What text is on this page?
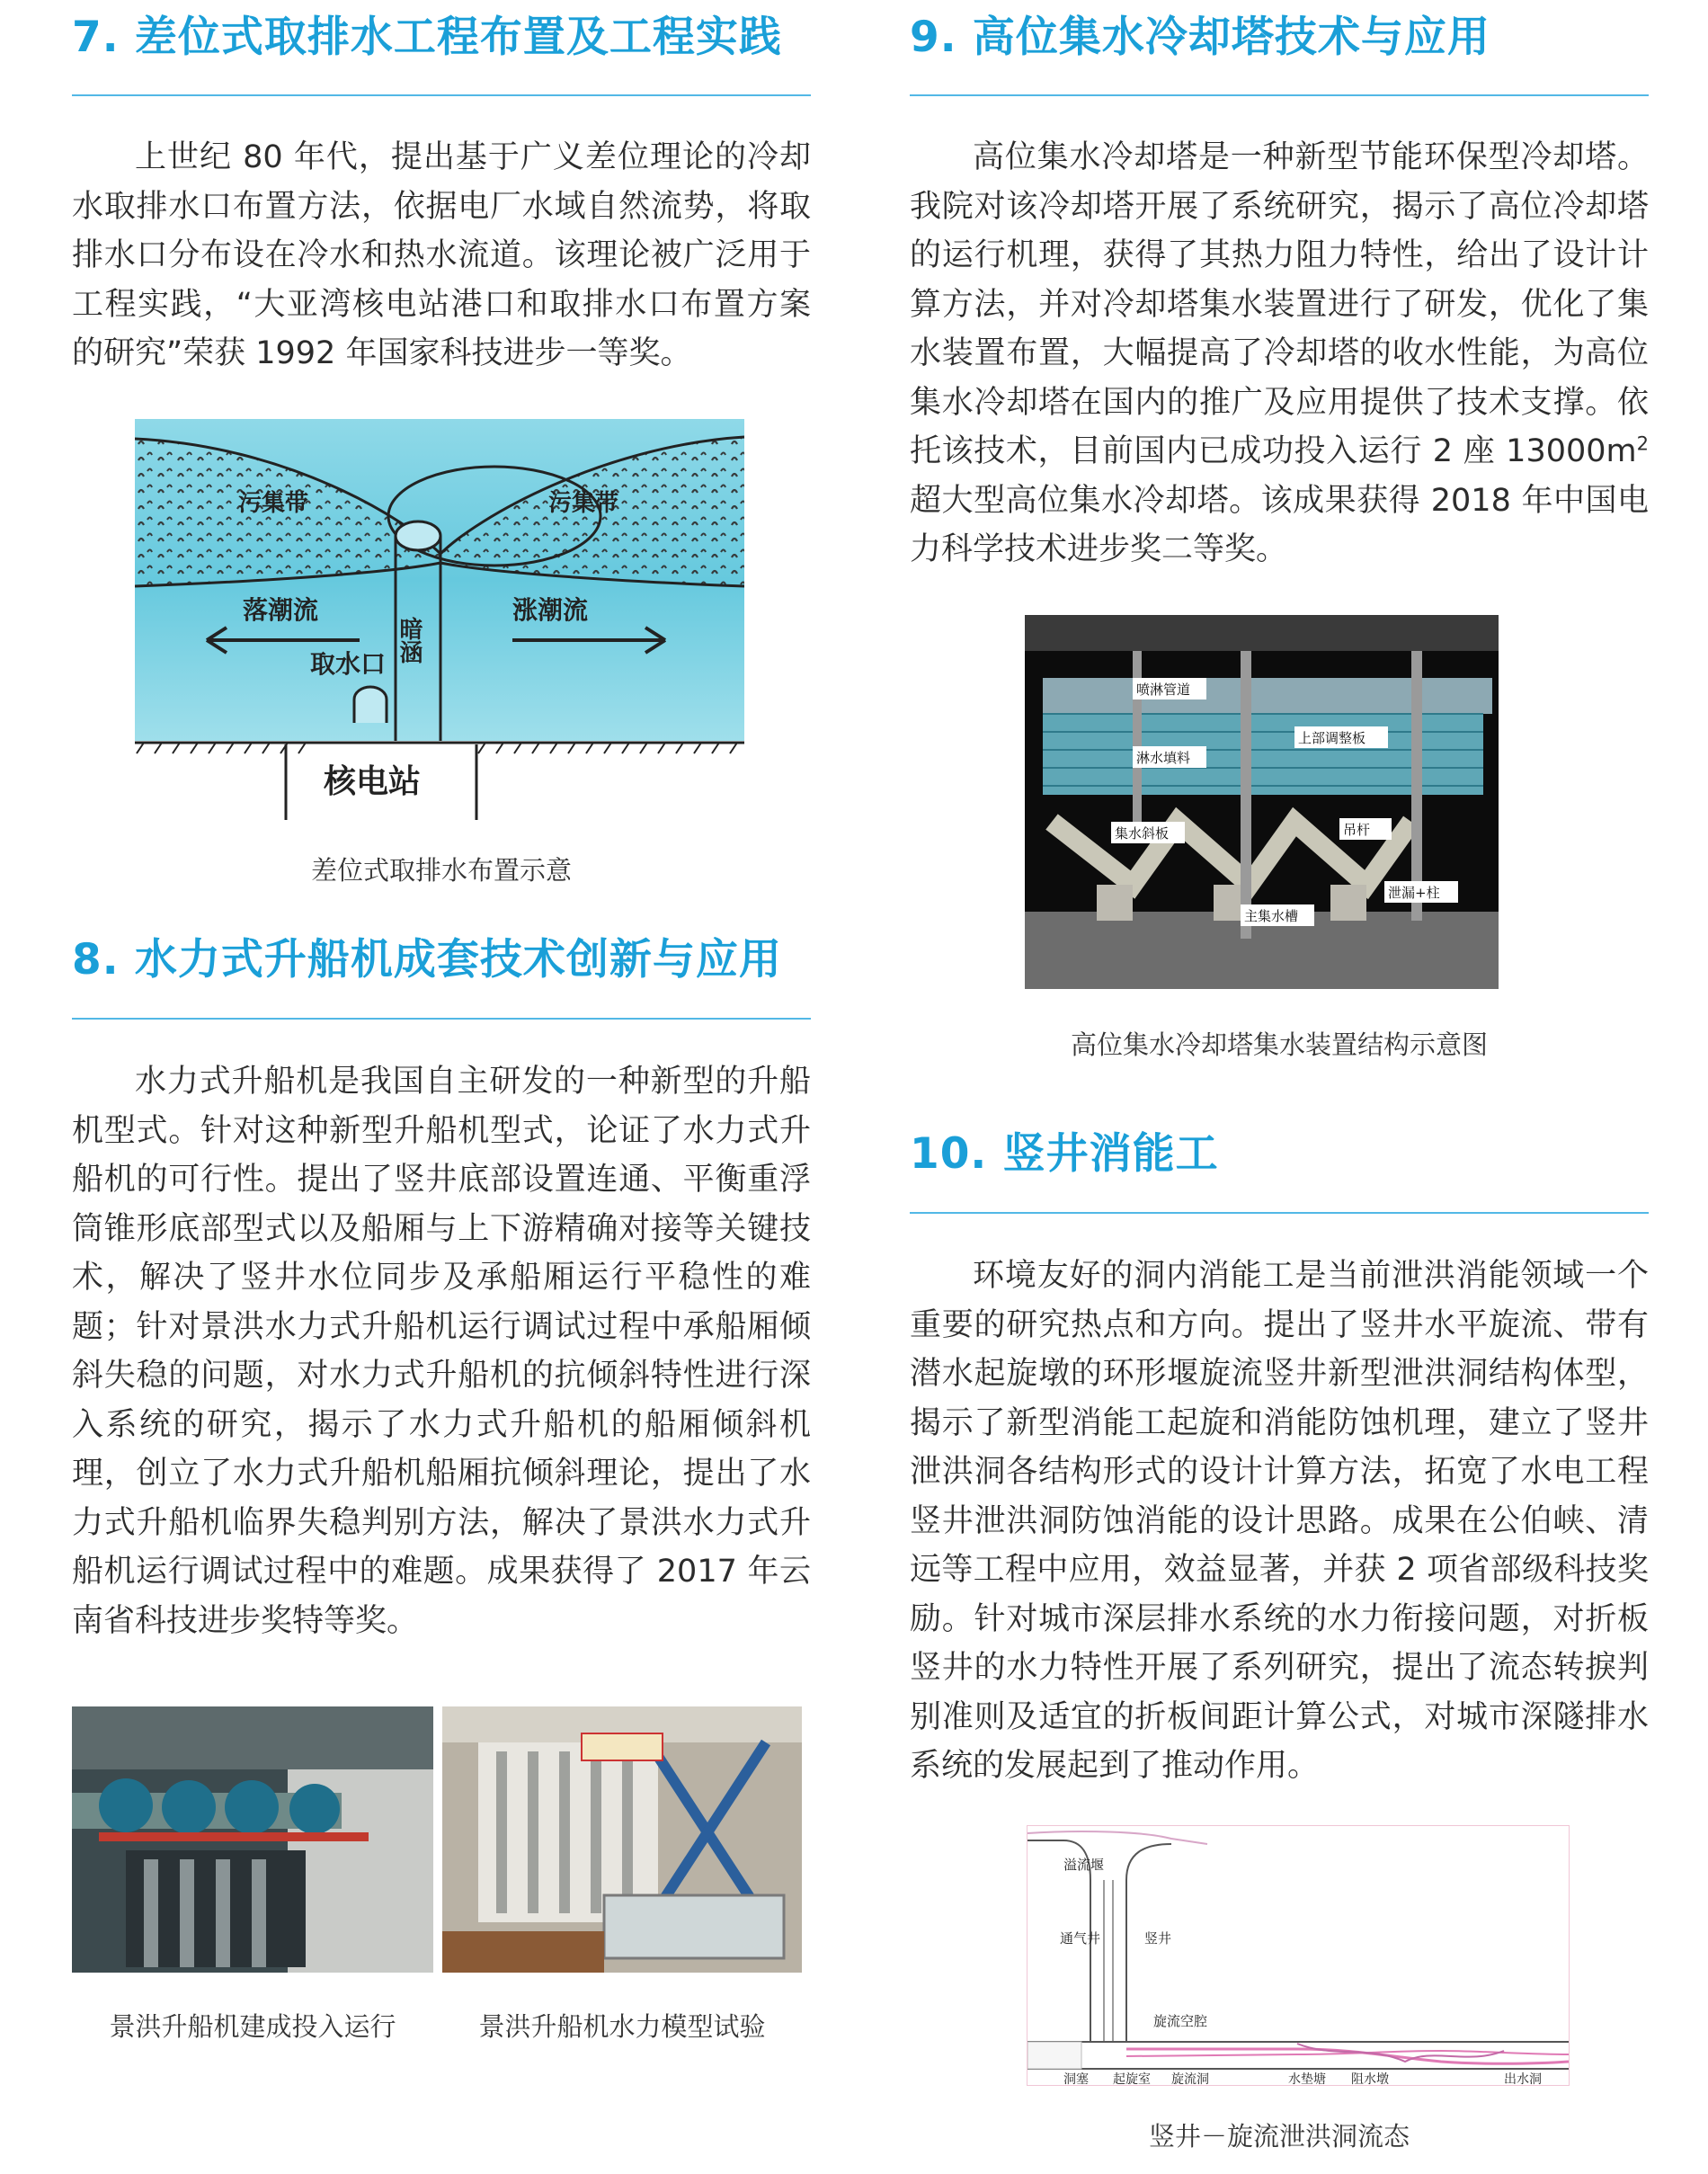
7. 差位式取排水工程布置及工程实践

上世纪 80 年代，提出基于广义差位理论的冷却水取排水口布置方法，依据电厂水域自然流势，将取排水口分布设在冷水和热水流道。该理论被广泛用于工程实践，“大亚湾核电站港口和取排水口布置方案的研究”荣获 1992 年国家科技进步一等奖。

污集带	污集带
落潮流	涨潮流
暗涵
取水口
核电站
差位式取排水布置示意
8. 水力式升船机成套技术创新与应用

水力式升船机是我国自主研发的一种新型的升船机型式。针对这种新型升船机型式，论证了水力式升船机的可行性。提出了竖井底部设置连通、平衡重浮筒锥形底部型式以及船厢与上下游精确对接等关键技术，解决了竖井水位同步及承船厢运行平稳性的难题；针对景洪水力式升船机运行调试过程中承船厢倾斜失稳的问题，对水力式升船机的抗倾斜特性进行深入系统的研究，揭示了水力式升船机的船厢倾斜机理，创立了水力式升船机船厢抗倾斜理论，提出了水力式升船机临界失稳判别方法，解决了景洪水力式升船机运行调试过程中的难题。成果获得了 2017 年云南省科技进步奖特等奖。

景洪升船机建成投入运行	景洪升船机水力模型试验
9. 高位集水冷却塔技术与应用

高位集水冷却塔是一种新型节能环保型冷却塔。我院对该冷却塔开展了系统研究，揭示了高位冷却塔的运行机理，获得了其热力阻力特性，给出了设计计算方法，并对冷却塔集水装置进行了研发，优化了集水装置布置，大幅提高了冷却塔的收水性能，为高位集水冷却塔在国内的推广及应用提供了技术支撑。依托该技术，目前国内已成功投入运行 2 座 $13000m^2$ 超大型高位集水冷却塔。该成果获得 2018 年中国电力科学技术进步奖二等奖。

喷淋管道
上部调整板
淋水填料
集水斜板	吊杆
主集水槽
泄漏+柱
高位集水冷却塔集水装置结构示意图
10. 竖井消能工

环境友好的洞内消能工是当前泄洪消能领域一个重要的研究热点和方向。提出了竖井水平旋流、带有潜水起旋墩的环形堰旋流竖井新型泄洪洞结构体型，揭示了新型消能工起旋和消能防蚀机理，建立了竖井泄洪洞各结构形式的设计计算方法，拓宽了水电工程竖井泄洪洞防蚀消能的设计思路。成果在公伯峡、清远等工程中应用，效益显著，并获 2 项省部级科技奖励。针对城市深层排水系统的水力衔接问题，对折板竖井的水力特性开展了系列研究，提出了流态转捩判别准则及适宜的折板间距计算公式，对城市深隧排水系统的发展起到了推动作用。

溢流堰
通气井	竖井
旋流空腔
洞塞 起旋室 旋流洞	水垫塘 阻水墩	出水洞
竖井－旋流泄洪洞流态
